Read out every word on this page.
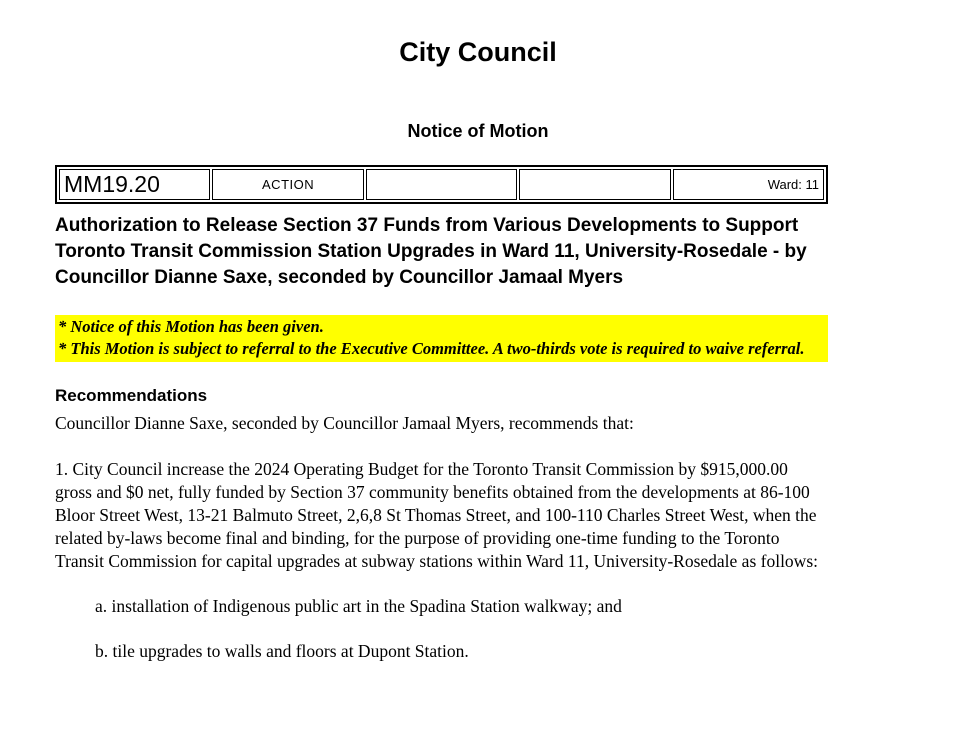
City Council
Notice of Motion
MM19.20	ACTION			Ward: 11
Authorization to Release Section 37 Funds from Various Developments to Support Toronto Transit Commission Station Upgrades in Ward 11, University-Rosedale - by Councillor Dianne Saxe, seconded by Councillor Jamaal Myers
* Notice of this Motion has been given.
* This Motion is subject to referral to the Executive Committee. A two-thirds vote is required to waive referral.
Recommendations

Councillor Dianne Saxe, seconded by Councillor Jamaal Myers, recommends that:

1. City Council increase the 2024 Operating Budget for the Toronto Transit Commission by $915,000.00 gross and $0 net, fully funded by Section 37 community benefits obtained from the developments at 86-100 Bloor Street West, 13-21 Balmuto Street, 2,6,8 St Thomas Street, and 100-110 Charles Street West, when the related by-laws become final and binding, for the purpose of providing one-time funding to the Toronto Transit Commission for capital upgrades at subway stations within Ward 11, University-Rosedale as follows:

a. installation of Indigenous public art in the Spadina Station walkway; and

b. tile upgrades to walls and floors at Dupont Station.
